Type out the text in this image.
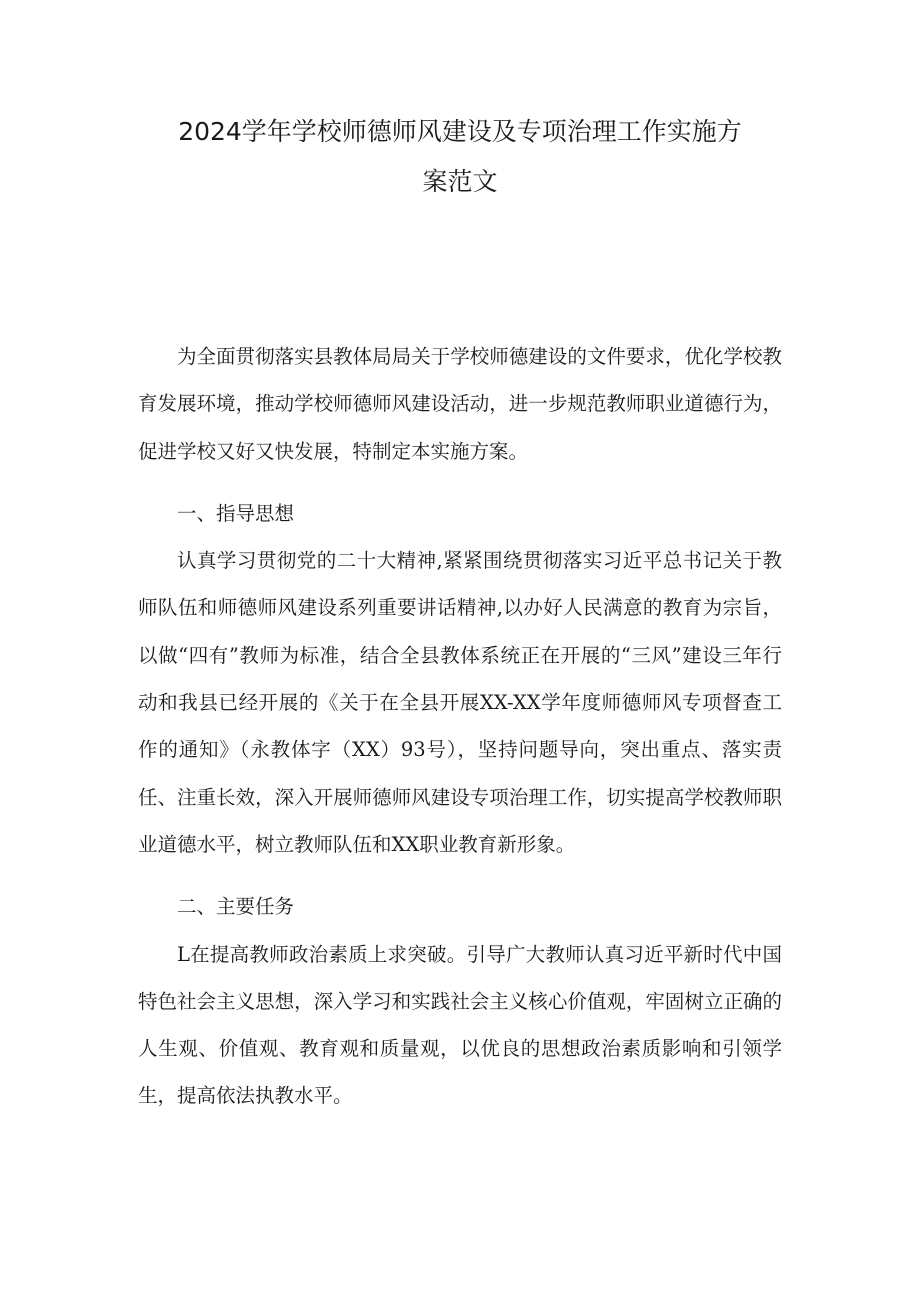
2024学年学校师德师风建设及专项治理工作实施方
案范文

为全面贯彻落实县教体局局关于学校师德建设的文件要求，优化学校教育发展环境，推动学校师德师风建设活动，进一步规范教师职业道德行为，促进学校又好又快发展，特制定本实施方案。

一、指导思想

认真学习贯彻党的二十大精神,紧紧围绕贯彻落实习近平总书记关于教师队伍和师德师风建设系列重要讲话精神,以办好人民满意的教育为宗旨，以做“四有”教师为标准，结合全县教体系统正在开展的“三风”建设三年行动和我县已经开展的《关于在全县开展XX-XX学年度师德师风专项督查工作的通知》（永教体字（XX）93号），坚持问题导向，突出重点、落实责任、注重长效，深入开展师德师风建设专项治理工作，切实提高学校教师职业道德水平，树立教师队伍和XX职业教育新形象。

二、主要任务

L在提高教师政治素质上求突破。引导广大教师认真习近平新时代中国特色社会主义思想，深入学习和实践社会主义核心价值观，牢固树立正确的人生观、价值观、教育观和质量观，以优良的思想政治素质影响和引领学生，提高依法执教水平。
